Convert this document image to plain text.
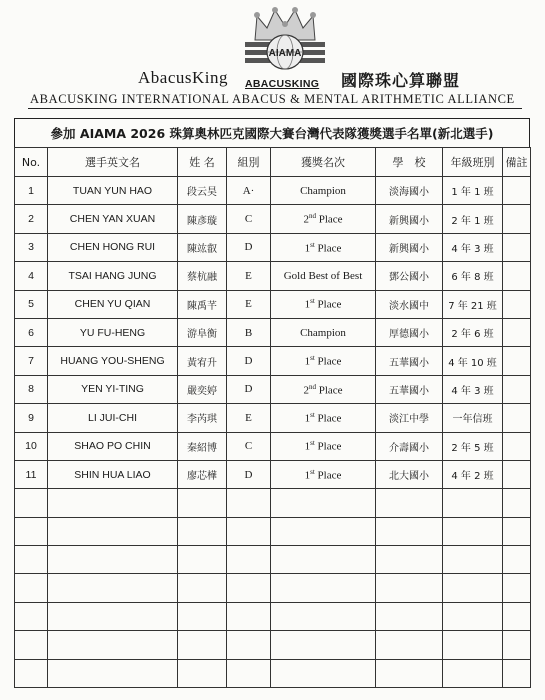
AIAMA
AbacusKing ABACUSKING 國際珠心算聯盟
ABACUSKING INTERNATIONAL ABACUS & MENTAL ARITHMETIC ALLIANCE
參加 AIAMA 2026 珠算奧林匹克國際大賽台灣代表隊獲獎選手名單(新北選手)
No.	選手英文名	姓 名	組別	獲獎名次	學　校	年級班別	備註
1	TUAN YUN HAO	段云昊	A·	Champion	淡海國小	1 年 1 班	
2	CHEN YAN XUAN	陳彥璇	C	2nd Place	新興國小	2 年 1 班	
3	CHEN HONG RUI	陳竑叡	D	1st Place	新興國小	4 年 3 班	
4	TSAI HANG JUNG	蔡杭融	E	Gold Best of Best	鄧公國小	6 年 8 班	
5	CHEN YU QIAN	陳禹芊	E	1st Place	淡水國中	7 年 21 班	
6	YU FU-HENG	游阜衡	B	Champion	厚德國小	2 年 6 班	
7	HUANG YOU-SHENG	黃宥升	D	1st Place	五華國小	4 年 10 班	
8	YEN YI-TING	嚴奕婷	D	2nd Place	五華國小	4 年 3 班	
9	LI JUI-CHI	李芮琪	E	1st Place	淡江中學	一年信班	
10	SHAO PO CHIN	秦紹博	C	1st Place	介壽國小	2 年 5 班	
11	SHIN HUA LIAO	廖芯樺	D	1st Place	北大國小	4 年 2 班	
